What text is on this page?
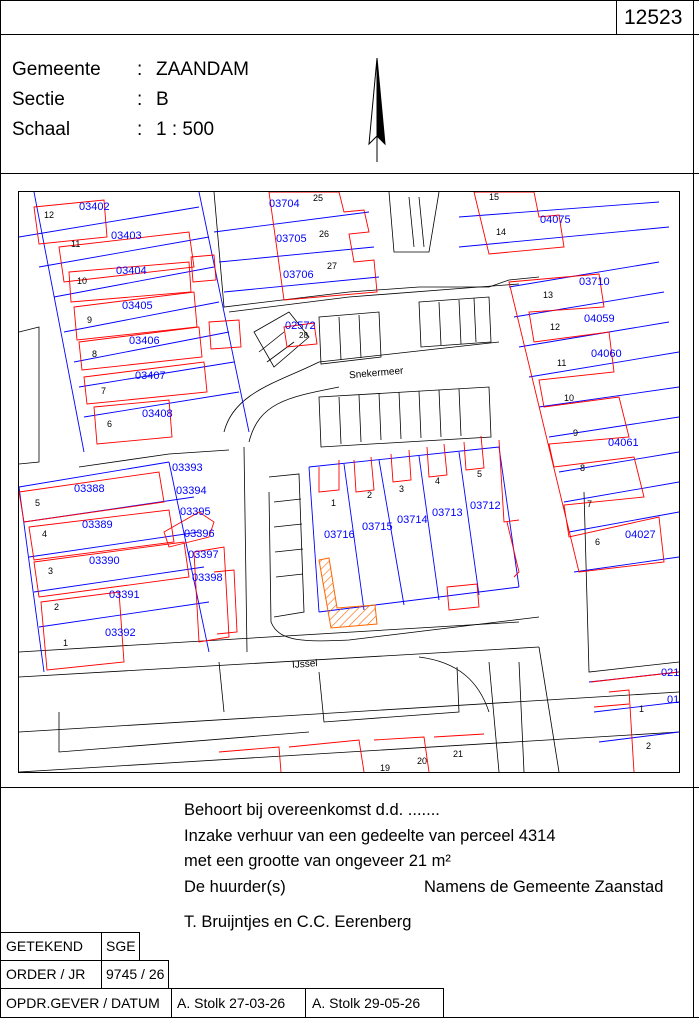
12523
Gemeente : ZAANDAM
Sectie	: B
Schaal	: 1 : 500
Snekermeer
IJssel
03402
12
03403
11
03404
10
03405
9
03406
8
03407
7
03408
6
03704 25
03705 26
03706
27
02572
28
15
04075
14
03710
13
04059
12
04060
11
10
04061
9
8
7
04027
6
03388
5
03389
4
03390
3
03391
2
03392
1
03393
03394
03395
03396
03397
03398
03716
1
03715
2
03714
3
03713
4
03712
5
19
20
21
021
01
1
2
Behoort bij overeenkomst d.d. .......
Inzake verhuur van een gedeelte van perceel 4314
met een grootte van ongeveer 21 m²
De huurder(s)	Namens de Gemeente Zaanstad
T. Bruijntjes en C.C. Eerenberg
GETEKEND SGE
ORDER / JR 9745 / 26
OPDR.GEVER / DATUM A. Stolk 27-03-26 A. Stolk 29-05-26
